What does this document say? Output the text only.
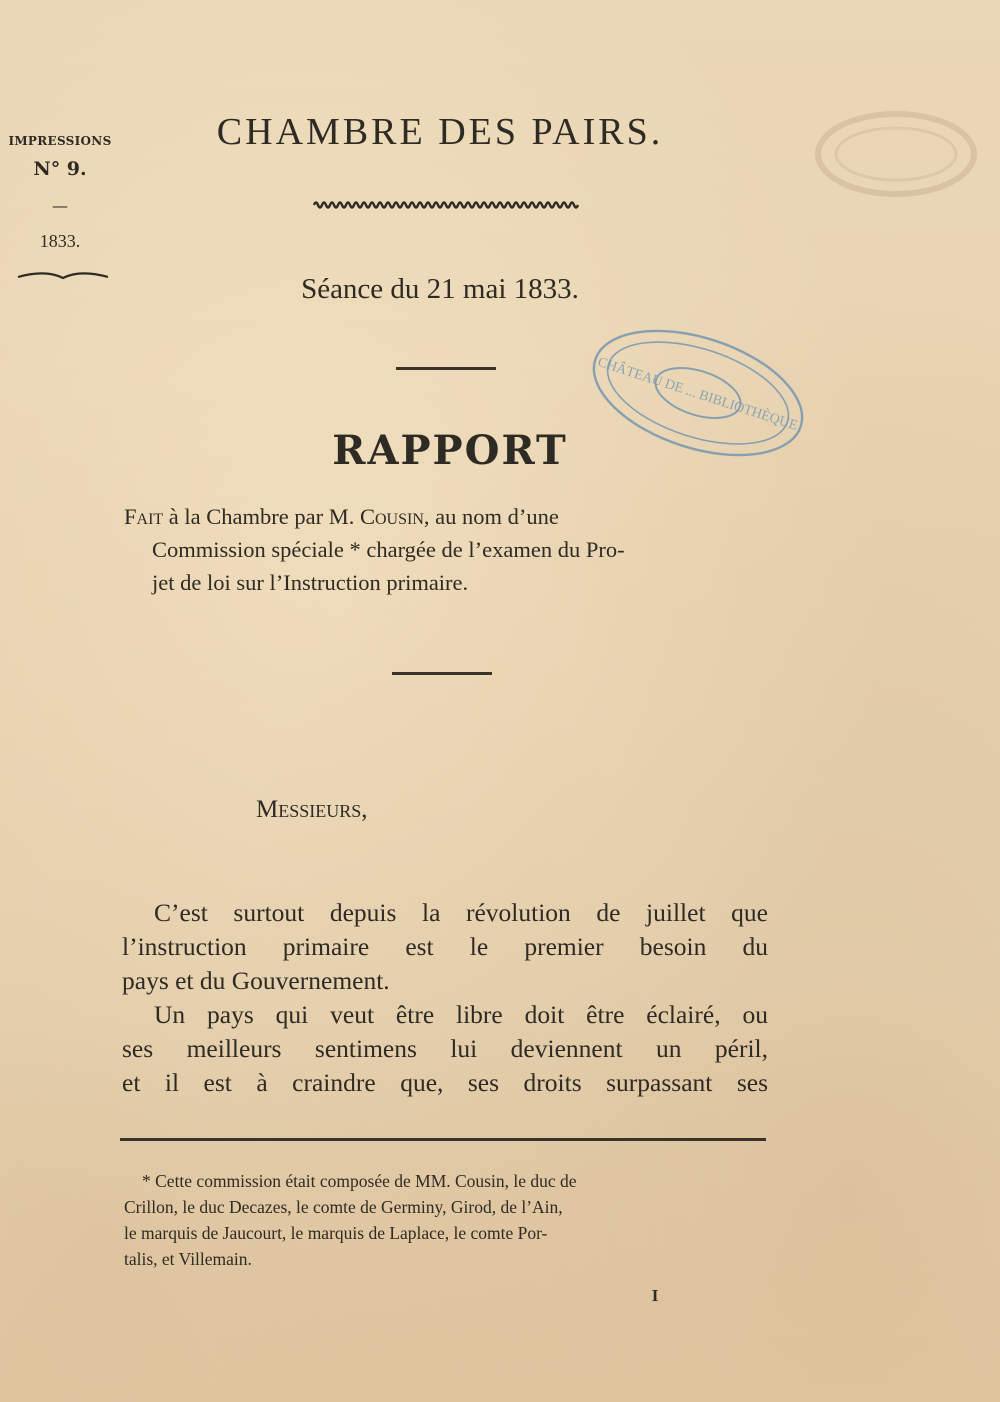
IMPRESSIONS
N° 9.
—
1833.
CHAMBRE DES PAIRS.
Séance du 21 mai 1833.
CHÂTEAU DE ... BIBLIOTHÈQUE
RAPPORT
Fait à la Chambre par M. Cousin, au nom d’une
Commission spéciale * chargée de l’examen du Pro-
jet de loi sur l’Instruction primaire.
Messieurs,
C’est surtout depuis la révolution de juillet que
l’instruction primaire est le premier besoin du
pays et du Gouvernement.
Un pays qui veut être libre doit être éclairé, ou
ses meilleurs sentimens lui deviennent un péril,
et il est à craindre que, ses droits surpassant ses
* Cette commission était composée de MM. Cousin, le duc de
Crillon, le duc Decazes, le comte de Germiny, Girod, de l’Ain,
le marquis de Jaucourt, le marquis de Laplace, le comte Por-
talis, et Villemain.
I
